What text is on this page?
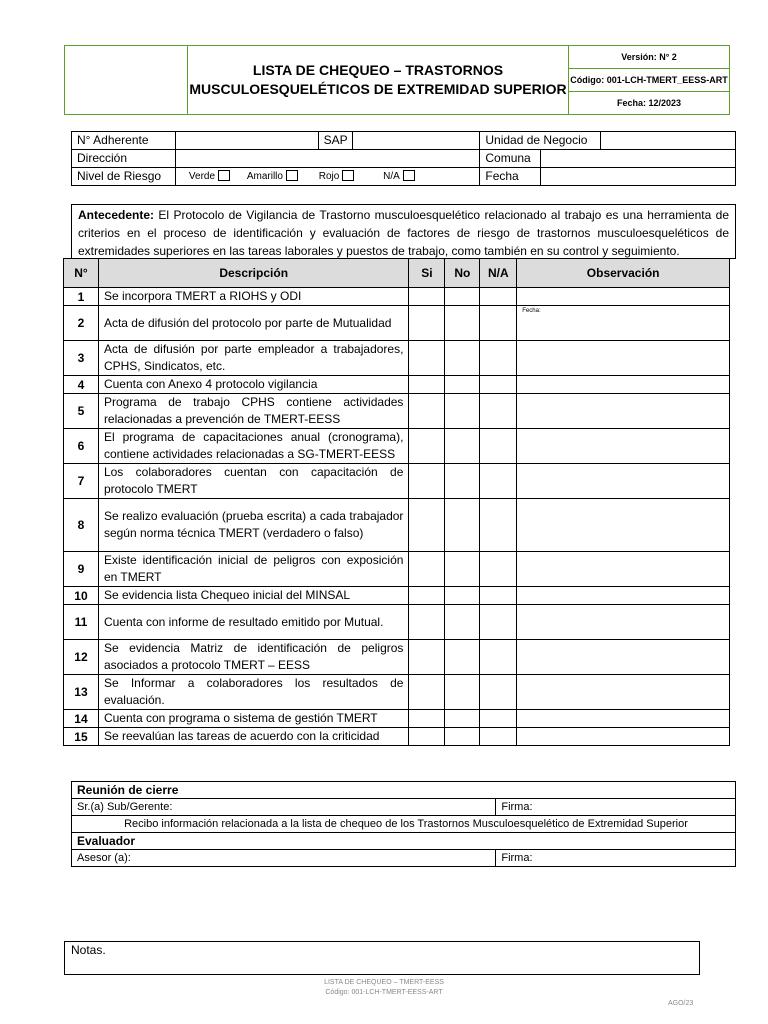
LISTA DE CHEQUEO – TRASTORNOS
MUSCULOESQUELÉTICOS DE EXTREMIDAD SUPERIOR
Versión: N° 2
Código: 001-LCH-TMERT_EESS-ART
Fecha: 12/2023
N° Adherente		SAP		Unidad de Negocio		
Dirección				Comuna		
Nivel de Riesgo	Verde Amarillo Rojo N/A			Fecha		
Antecedente: El Protocolo de Vigilancia de Trastorno musculoesquelético relacionado al trabajo es una herramienta de criterios en el proceso de identificación y evaluación de factores de riesgo de trastornos musculoesqueléticos de extremidades superiores en las tareas laborales y puestos de trabajo, como también en su control y seguimiento.
N°	Descripción	Si	No	N/A	Observación
1	Se incorpora TMERT a RIOHS y ODI				
2	Acta de difusión del protocolo por parte de Mutualidad				Fecha:
3	Acta de difusión por parte empleador a trabajadores, CPHS, Sindicatos, etc.				
4	Cuenta con Anexo 4 protocolo vigilancia				
5	Programa de trabajo CPHS contiene actividades relacionadas a prevención de TMERT-EESS				
6	El programa de capacitaciones anual (cronograma), contiene actividades relacionadas a SG-TMERT-EESS				
7	Los colaboradores cuentan con capacitación de protocolo TMERT				
8	Se realizo evaluación (prueba escrita) a cada trabajador según norma técnica TMERT (verdadero o falso)				
9	Existe identificación inicial de peligros con exposición en TMERT				
10	Se evidencia lista Chequeo inicial del MINSAL				
11	Cuenta con informe de resultado emitido por Mutual.				
12	Se evidencia Matriz de identificación de peligros asociados a protocolo TMERT – EESS				
13	Se Informar a colaboradores los resultados de evaluación.				
14	Cuenta con programa o sistema de gestión TMERT				
15	Se reevalúan las tareas de acuerdo con la criticidad				
Reunión de cierre	
Sr.(a) Sub/Gerente:	Firma:
Recibo información relacionada a la lista de chequeo de los Trastornos Musculoesquelético de Extremidad Superior	
Evaluador	
Asesor (a):	Firma:
Notas.
LISTA DE CHEQUEO – TMERT-EESS
Código: 001-LCH-TMERT-EESS-ART
AGO/23
